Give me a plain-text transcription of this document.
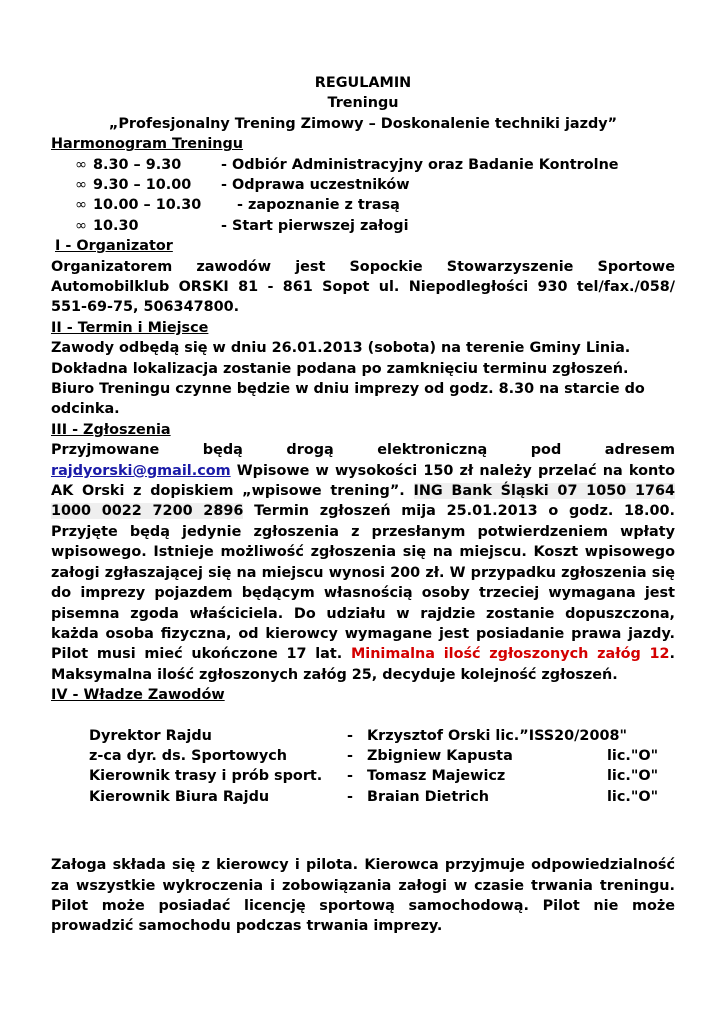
REGULAMIN

Treningu

„Profesjonalny Trening Zimowy – Doskonalenie techniki jazdy”

Harmonogram Treningu

∞ 8.30 – 9.30	- Odbiór Administracyjny oraz Badanie Kontrolne
∞ 9.30 – 10.00 - Odprawa uczestników
∞ 10.00 – 10.30 - zapoznanie z trasą
∞ 10.30	- Start pierwszej załogi

I - Organizator

Organizatorem zawodów jest Sopockie Stowarzyszenie Sportowe Automobilklub ORSKI 81 - 861 Sopot ul. Niepodległości 930 tel/fax./058/ 551-69-75, 506347800.

II - Termin i Miejsce

Zawody odbędą się w dniu 26.01.2013 (sobota) na terenie Gminy Linia.

Dokładna lokalizacja zostanie podana po zamknięciu terminu zgłoszeń.

Biuro Treningu czynne będzie w dniu imprezy od godz. 8.30 na starcie do odcinka.

III - Zgłoszenia

Przyjmowane będą drogą elektroniczną pod adresem

rajdyorski@gmail.com Wpisowe w wysokości 150 zł należy przelać na konto AK Orski z dopiskiem „wpisowe trening”. ING Bank Śląski 07 1050 1764 1000 0022 7200 2896 Termin zgłoszeń mija 25.01.2013 o godz. 18.00. Przyjęte będą jedynie zgłoszenia z przesłanym potwierdzeniem wpłaty wpisowego. Istnieje możliwość zgłoszenia się na miejscu. Koszt wpisowego załogi zgłaszającej się na miejscu wynosi 200 zł. W przypadku zgłoszenia się do imprezy pojazdem będącym własnością osoby trzeciej wymagana jest pisemna zgoda właściciela. Do udziału w rajdzie zostanie dopuszczona, każda osoba fizyczna, od kierowcy wymagane jest posiadanie prawa jazdy. Pilot musi mieć ukończone 17 lat. Minimalna ilość zgłoszonych załóg 12. Maksymalna ilość zgłoszonych załóg 25, decyduje kolejność zgłoszeń.

IV - Władze Zawodów

Dyrektor Rajdu	- Krzysztof Orski lic.”ISS20/2008"
z-ca dyr. ds. Sportowych	- Zbigniew Kapusta	lic."O"
Kierownik trasy i prób sport. - Tomasz Majewicz	lic."O"
Kierownik Biura Rajdu	- Braian Dietrich	lic."O"

Załoga składa się z kierowcy i pilota. Kierowca przyjmuje odpowiedzialność za wszystkie wykroczenia i zobowiązania załogi w czasie trwania treningu. Pilot może posiadać licencję sportową samochodową. Pilot nie może prowadzić samochodu podczas trwania imprezy.
